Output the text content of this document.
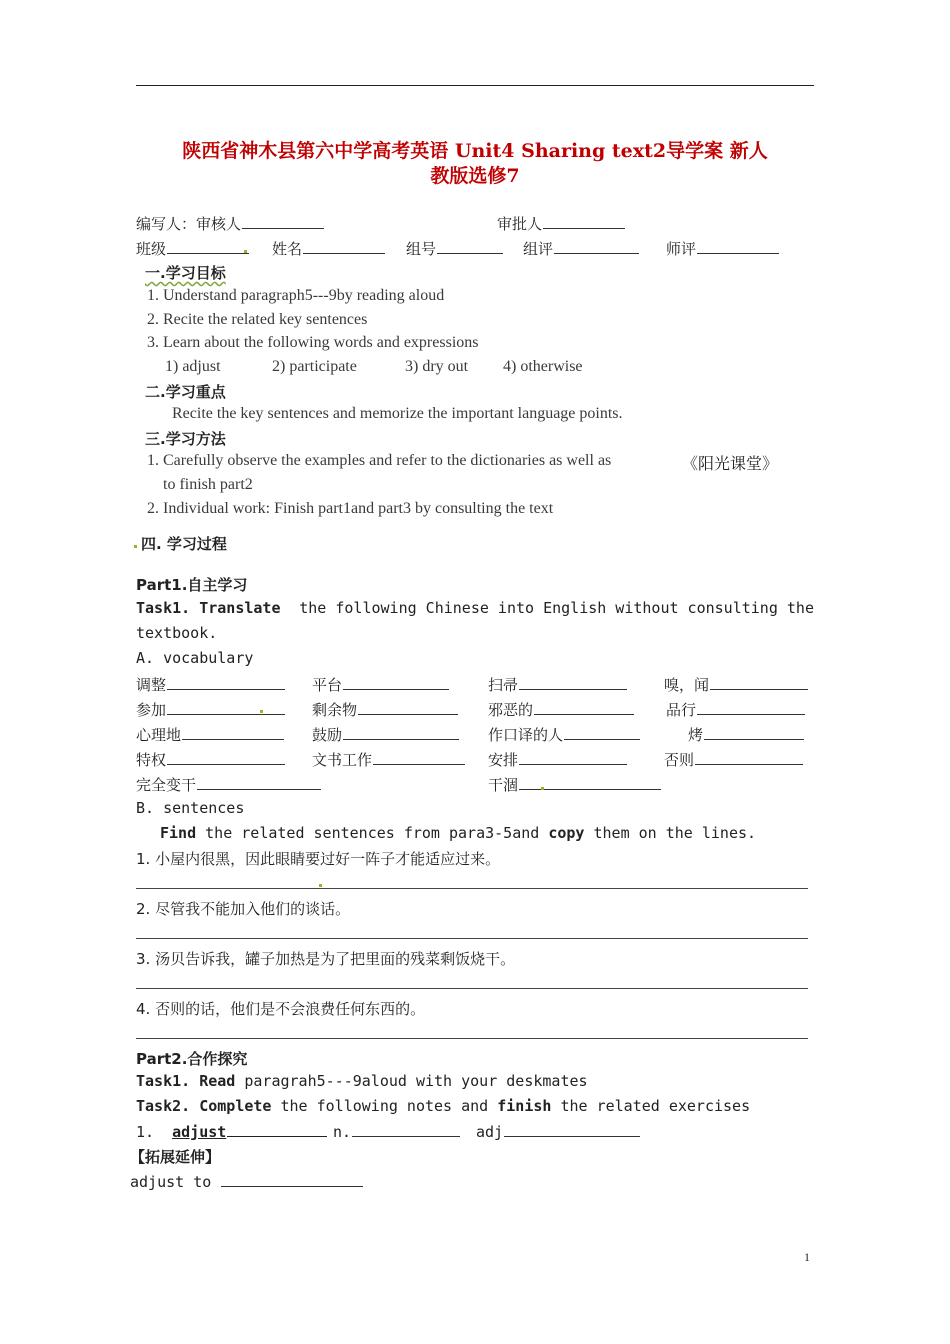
陕西省神木县第六中学高考英语 Unit4 Sharing text2导学案 新人
教版选修7
编写人：审核人	审批人
班级	姓名	组号	组评	师评
一.学习目标
1. Understand paragraph5---9by reading aloud
2. Recite the related key sentences
3. Learn about the following words and expressions
1) adjust	2) participate	3) dry out 4) otherwise
二.学习重点
Recite the key sentences and memorize the important language points.
三.学习方法
1. Carefully observe the examples and refer to the dictionaries as well as	《阳光课堂》
to finish part2
2. Individual work: Finish part1and part3 by consulting the text
四. 学习过程
Part1.自主学习
Task1. Translate the following Chinese into English without consulting the
textbook.
A. vocabulary
调整	平台	扫帚	嗅，闻
参加	剩余物	邪恶的	品行
心理地	鼓励	作口译的人	烤
特权	文书工作	安排	否则
完全变干	干涸
B. sentences
Find the related sentences from para3-5and copy them on the lines.
1. 小屋内很黑，因此眼睛要过好一阵子才能适应过来。
2. 尽管我不能加入他们的谈话。
3. 汤贝告诉我，罐子加热是为了把里面的残菜剩饭烧干。
4. 否则的话，他们是不会浪费任何东西的。
Part2.合作探究
Task1. Read paragrah5---9aloud with your deskmates
Task2. Complete the following notes and finish the related exercises
1. adjust	n.	adj
【拓展延伸】
adjust to
1
